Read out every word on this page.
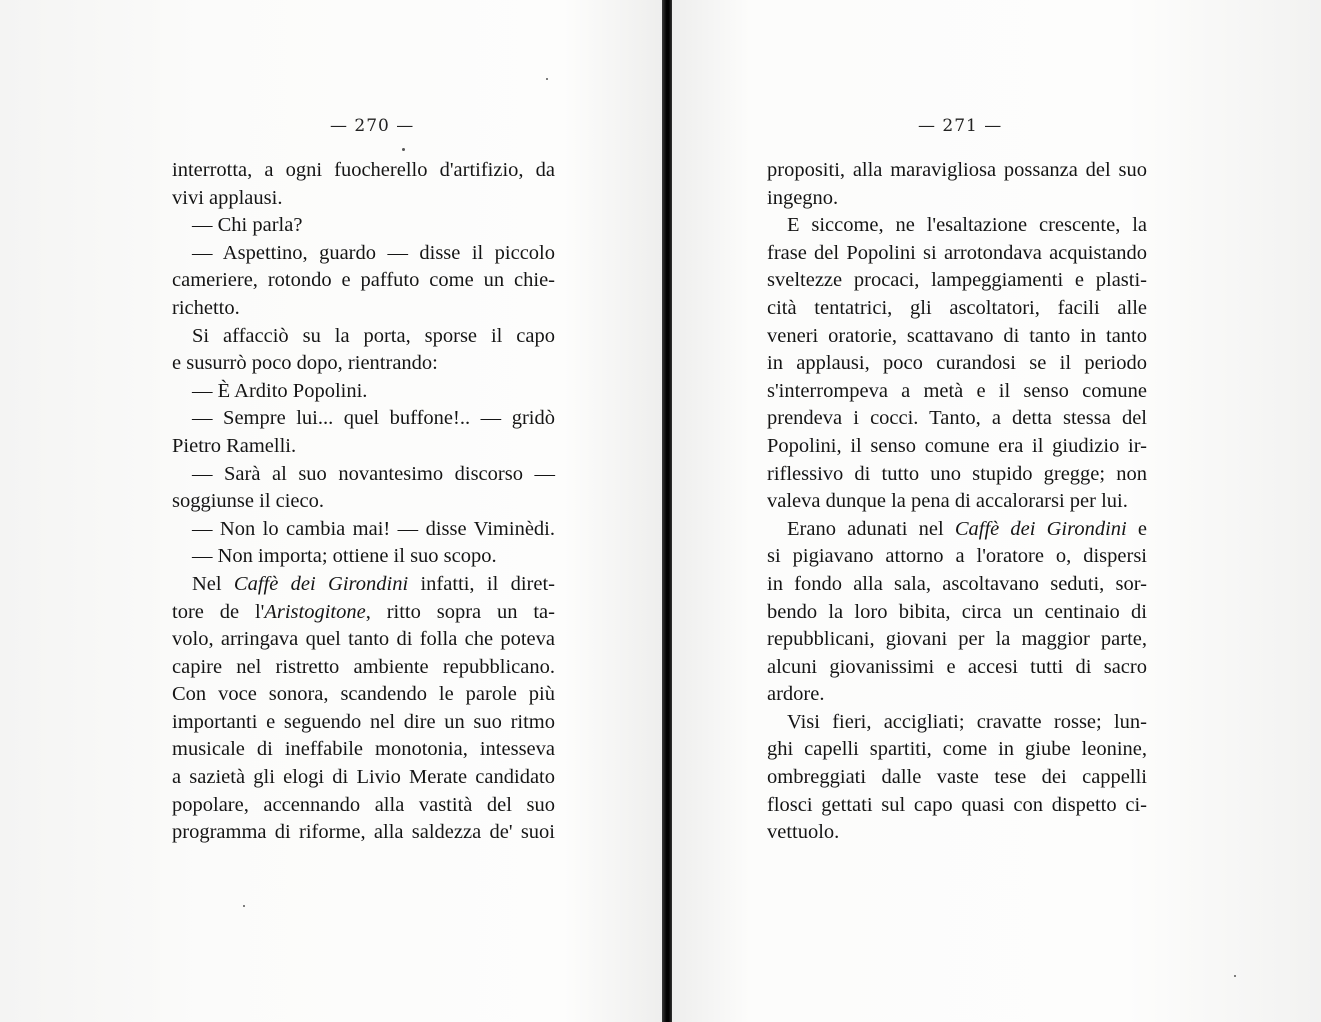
— 270 —	— 271 —
interrotta, a ogni fuocherello d'artifizio, da
vivi applausi.
— Chi parla?
— Aspettino, guardo — disse il piccolo
cameriere, rotondo e paffuto come un chie-
richetto.
Si affacciò su la porta, sporse il capo
e susurrò poco dopo, rientrando:
— È Ardito Popolini.
— Sempre lui... quel buffone!.. — gridò
Pietro Ramelli.
— Sarà al suo novantesimo discorso —
soggiunse il cieco.
— Non lo cambia mai! — disse Viminèdi.
— Non importa; ottiene il suo scopo.
Nel Caffè dei Girondini infatti, il diret-
tore de l'Aristogitone, ritto sopra un ta-
volo, arringava quel tanto di folla che poteva
capire nel ristretto ambiente repubblicano.
Con voce sonora, scandendo le parole più
importanti e seguendo nel dire un suo ritmo
musicale di ineffabile monotonia, intesseva
a sazietà gli elogi di Livio Merate candidato
popolare, accennando alla vastità del suo
programma di riforme, alla saldezza de' suoi
propositi, alla maravigliosa possanza del suo
ingegno.
E siccome, ne l'esaltazione crescente, la
frase del Popolini si arrotondava acquistando
sveltezze procaci, lampeggiamenti e plasti-
cità tentatrici, gli ascoltatori, facili alle
veneri oratorie, scattavano di tanto in tanto
in applausi, poco curandosi se il periodo
s'interrompeva a metà e il senso comune
prendeva i cocci. Tanto, a detta stessa del
Popolini, il senso comune era il giudizio ir-
riflessivo di tutto uno stupido gregge; non
valeva dunque la pena di accalorarsi per lui.
Erano adunati nel Caffè dei Girondini e
si pigiavano attorno a l'oratore o, dispersi
in fondo alla sala, ascoltavano seduti, sor-
bendo la loro bibita, circa un centinaio di
repubblicani, giovani per la maggior parte,
alcuni giovanissimi e accesi tutti di sacro
ardore.
Visi fieri, accigliati; cravatte rosse; lun-
ghi capelli spartiti, come in giube leonine,
ombreggiati dalle vaste tese dei cappelli
flosci gettati sul capo quasi con dispetto ci-
vettuolo.
